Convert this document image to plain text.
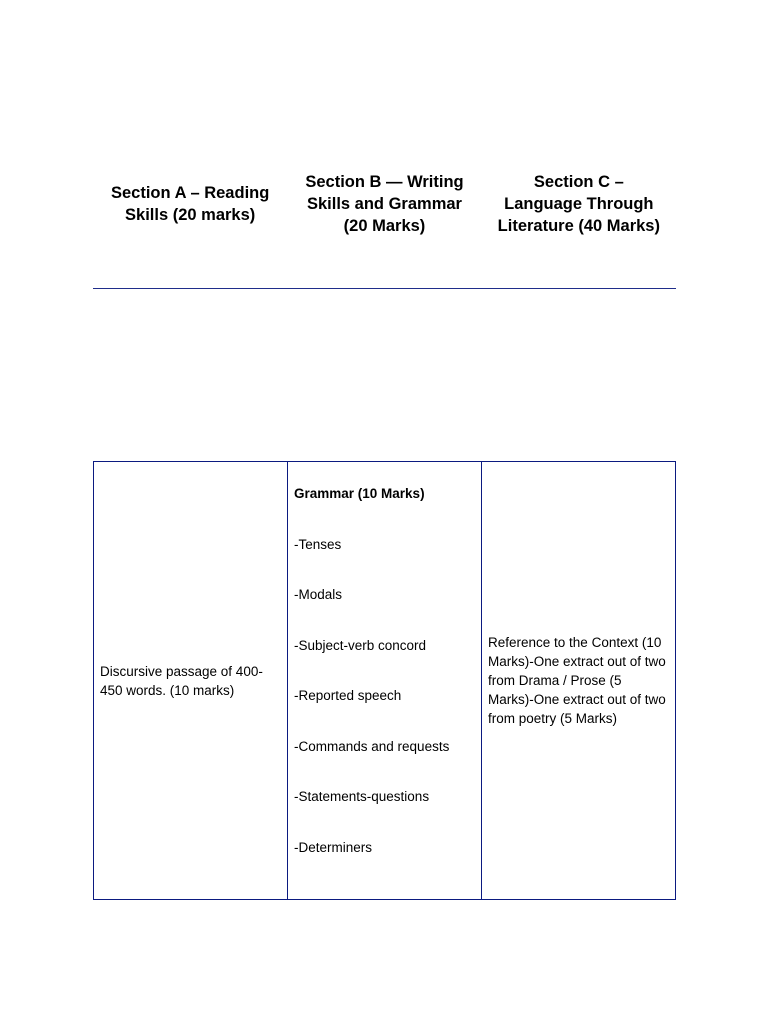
Section A – Reading Skills (20 marks)
Section B — Writing Skills and Grammar (20 Marks)
Section C – Language Through Literature (40 Marks)
Discursive passage of 400-450 words. (10 marks)
Grammar (10 Marks)
-Tenses
-Modals
-Subject-verb concord
-Reported speech
-Commands and requests
-Statements-questions
-Determiners
Reference to the Context (10 Marks)-One extract out of two from Drama / Prose (5 Marks)-One extract out of two from poetry (5 Marks)
